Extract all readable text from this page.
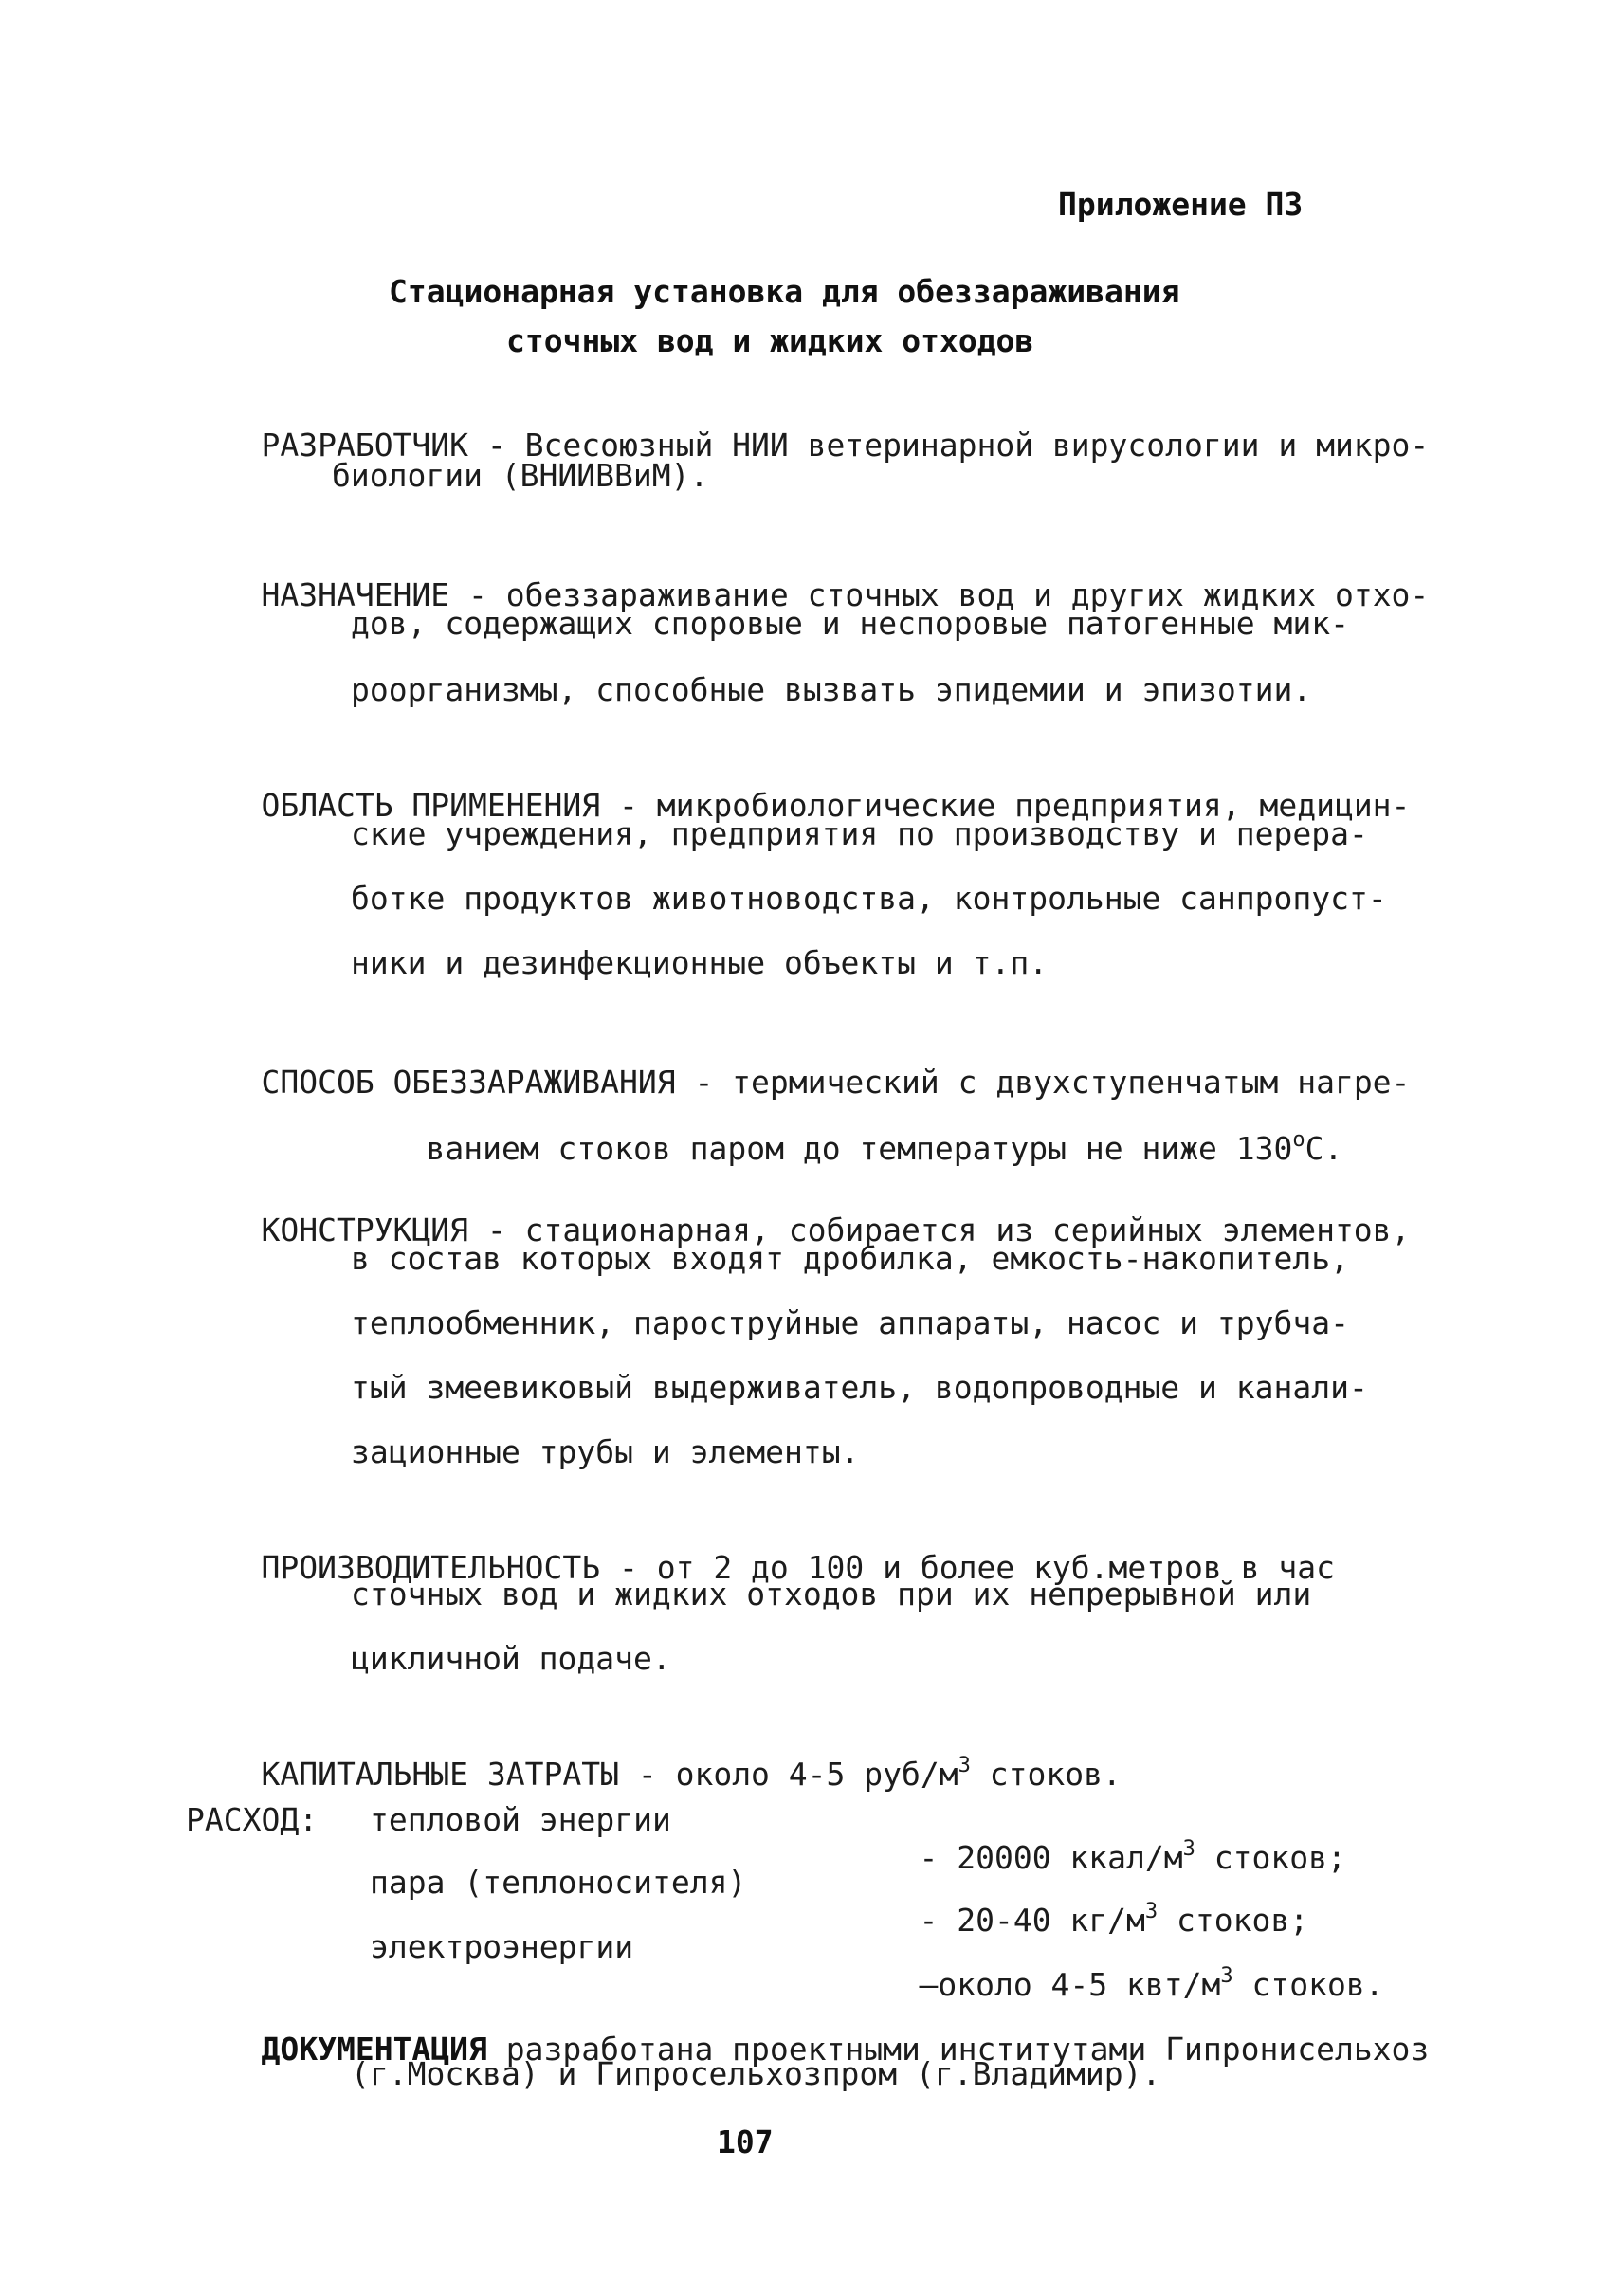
Приложение ПЗ
Стационарная установка для обеззараживания
сточных вод и жидких отходов

РАЗРАБОТЧИК - Всесоюзный НИИ ветеринарной вирусологии и микро-

биологии (ВНИИВВиМ).

НАЗНАЧЕНИЕ - обеззараживание сточных вод и других жидких отхо-

дов, содержащих споровые и неспоровые патогенные мик-
роорганизмы, способные вызвать эпидемии и эпизотии.

ОБЛАСТЬ ПРИМЕНЕНИЯ - микробиологические предприятия, медицин-

ские учреждения, предприятия по производству и перера-
ботке продуктов животноводства, контрольные санпропуст-
ники и дезинфекционные объекты и т.п.

СПОСОБ ОБЕЗЗАРАЖИВАНИЯ - термический с двухступенчатым нагре-

ванием стоков паром до температуры не ниже $130^оС$.

КОНСТРУКЦИЯ - стационарная, собирается из серийных элементов,

в состав которых входят дробилка, емкость-накопитель,
теплообменник, пароструйные аппараты, насос и трубча-
тый змеевиковый выдерживатель, водопроводные и канали-
зационные трубы и элементы.

ПРОИЗВОДИТЕЛЬНОСТЬ - от 2 до 100 и более куб.метров в час

сточных вод и жидких отходов при их непрерывной или
цикличной подаче.

КАПИТАЛЬНЫЕ ЗАТРАТЫ - около 4-5 руб/$м^3$ стоков.

РАСХОД: тепловой энергии

- 20000 ккал/$м^3$ стоков;

пара (теплоносителя)

- 20-40 $кг/м^3$ стоков;

электроэнергии

—около 4-5 квт/$м^3$ стоков.

ДОКУМЕНТАЦИЯ разработана проектными институтами Гипронисельхоз

(г.Москва) и Гипросельхозпром (г.Владимир).
107
